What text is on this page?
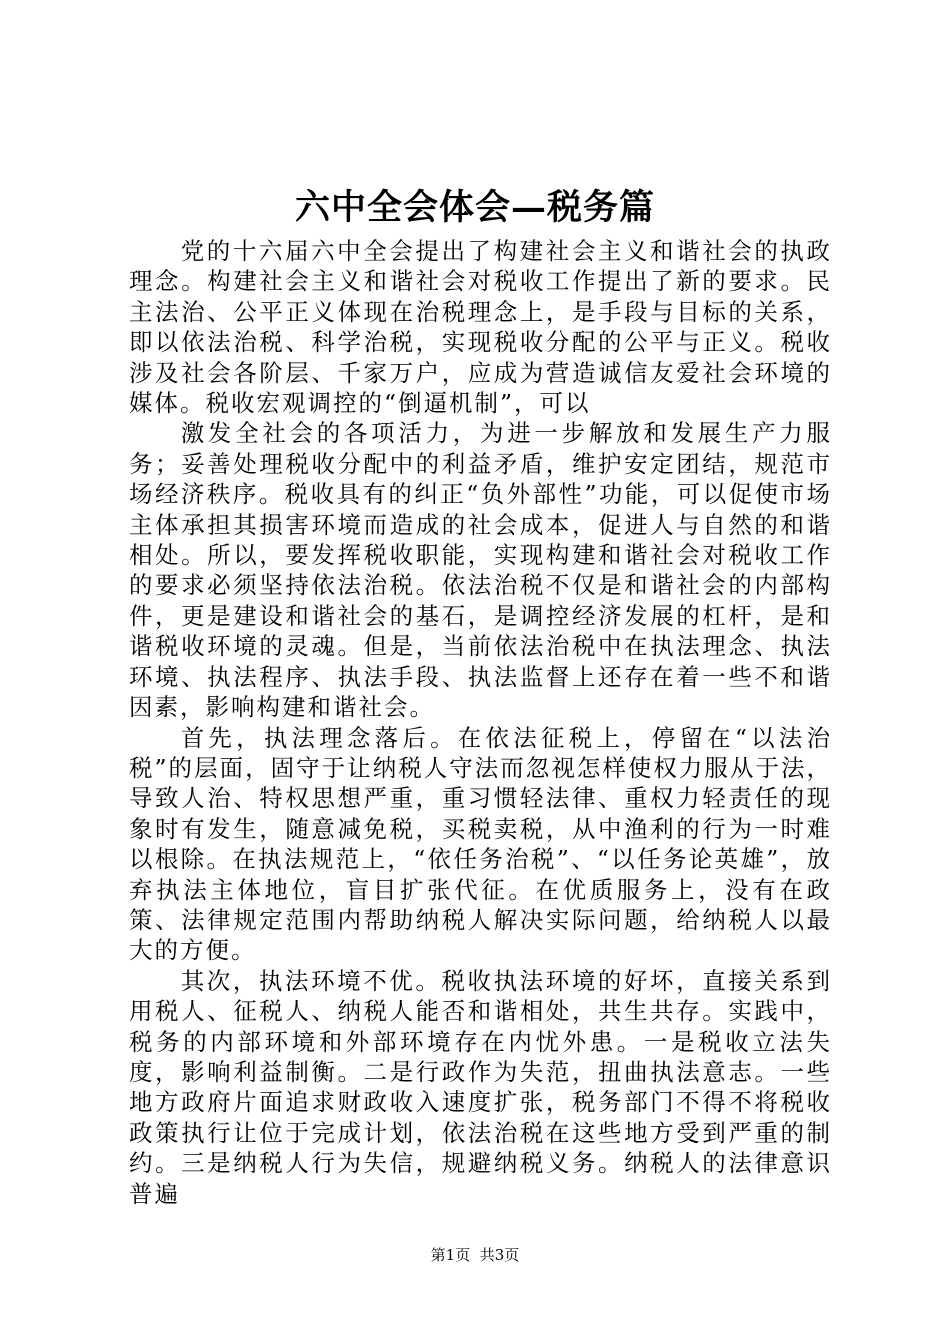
六中全会体会—税务篇

党的十六届六中全会提出了构建社会主义和谐社会的执政理念。构建社会主义和谐社会对税收工作提出了新的要求。民主法治、公平正义体现在治税理念上，是手段与目标的关系，即以依法治税、科学治税，实现税收分配的公平与正义。税收涉及社会各阶层、千家万户，应成为营造诚信友爱社会环境的媒体。税收宏观调控的“倒逼机制”，可以

激发全社会的各项活力，为进一步解放和发展生产力服务；妥善处理税收分配中的利益矛盾，维护安定团结，规范市场经济秩序。税收具有的纠正“负外部性”功能，可以促使市场主体承担其损害环境而造成的社会成本，促进人与自然的和谐相处。所以，要发挥税收职能，实现构建和谐社会对税收工作的要求必须坚持依法治税。依法治税不仅是和谐社会的内部构件，更是建设和谐社会的基石，是调控经济发展的杠杆，是和谐税收环境的灵魂。但是，当前依法治税中在执法理念、执法环境、执法程序、执法手段、执法监督上还存在着一些不和谐因素，影响构建和谐社会。

首先，执法理念落后。在依法征税上，停留在“以法治税”的层面，固守于让纳税人守法而忽视怎样使权力服从于法，导致人治、特权思想严重，重习惯轻法律、重权力轻责任的现象时有发生，随意减免税，买税卖税，从中渔利的行为一时难以根除。在执法规范上，“依任务治税”、“以任务论英雄”，放弃执法主体地位，盲目扩张代征。在优质服务上，没有在政策、法律规定范围内帮助纳税人解决实际问题，给纳税人以最大的方便。

其次，执法环境不优。税收执法环境的好坏，直接关系到用税人、征税人、纳税人能否和谐相处，共生共存。实践中，税务的内部环境和外部环境存在内忧外患。一是税收立法失度，影响利益制衡。二是行政作为失范，扭曲执法意志。一些地方政府片面追求财政收入速度扩张，税务部门不得不将税收政策执行让位于完成计划，依法治税在这些地方受到严重的制约。三是纳税人行为失信，规避纳税义务。纳税人的法律意识普遍

第1页 共3页
